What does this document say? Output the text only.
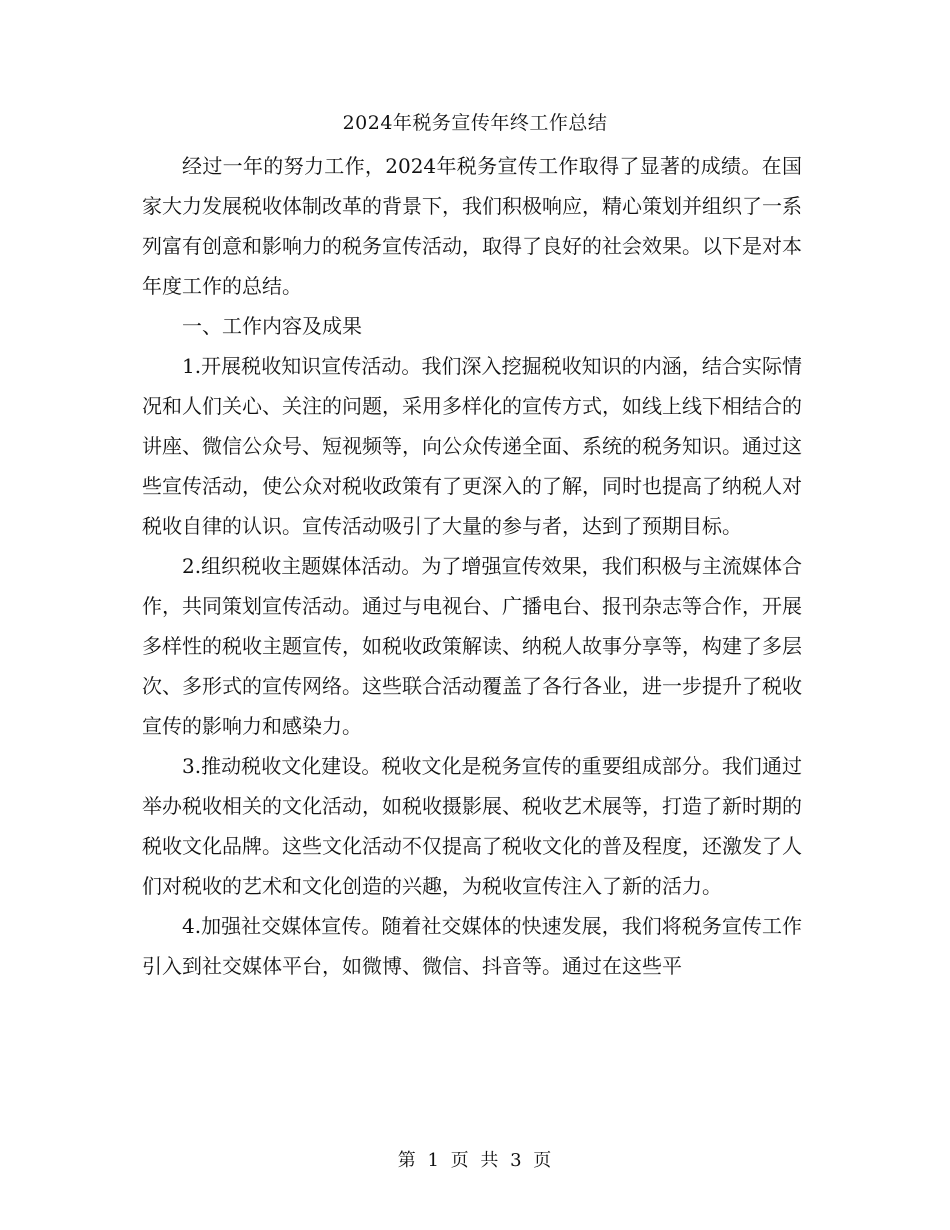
2024年税务宣传年终工作总结

经过一年的努力工作，2024年税务宣传工作取得了显著的成绩。在国家大力发展税收体制改革的背景下，我们积极响应，精心策划并组织了一系列富有创意和影响力的税务宣传活动，取得了良好的社会效果。以下是对本年度工作的总结。

一、工作内容及成果

1.开展税收知识宣传活动。我们深入挖掘税收知识的内涵，结合实际情况和人们关心、关注的问题，采用多样化的宣传方式，如线上线下相结合的讲座、微信公众号、短视频等，向公众传递全面、系统的税务知识。通过这些宣传活动，使公众对税收政策有了更深入的了解，同时也提高了纳税人对税收自律的认识。宣传活动吸引了大量的参与者，达到了预期目标。

2.组织税收主题媒体活动。为了增强宣传效果，我们积极与主流媒体合作，共同策划宣传活动。通过与电视台、广播电台、报刊杂志等合作，开展多样性的税收主题宣传，如税收政策解读、纳税人故事分享等，构建了多层次、多形式的宣传网络。这些联合活动覆盖了各行各业，进一步提升了税收宣传的影响力和感染力。

3.推动税收文化建设。税收文化是税务宣传的重要组成部分。我们通过举办税收相关的文化活动，如税收摄影展、税收艺术展等，打造了新时期的税收文化品牌。这些文化活动不仅提高了税收文化的普及程度，还激发了人们对税收的艺术和文化创造的兴趣，为税收宣传注入了新的活力。

4.加强社交媒体宣传。随着社交媒体的快速发展，我们将税务宣传工作引入到社交媒体平台，如微博、微信、抖音等。通过在这些平

第 1 页 共 3 页
